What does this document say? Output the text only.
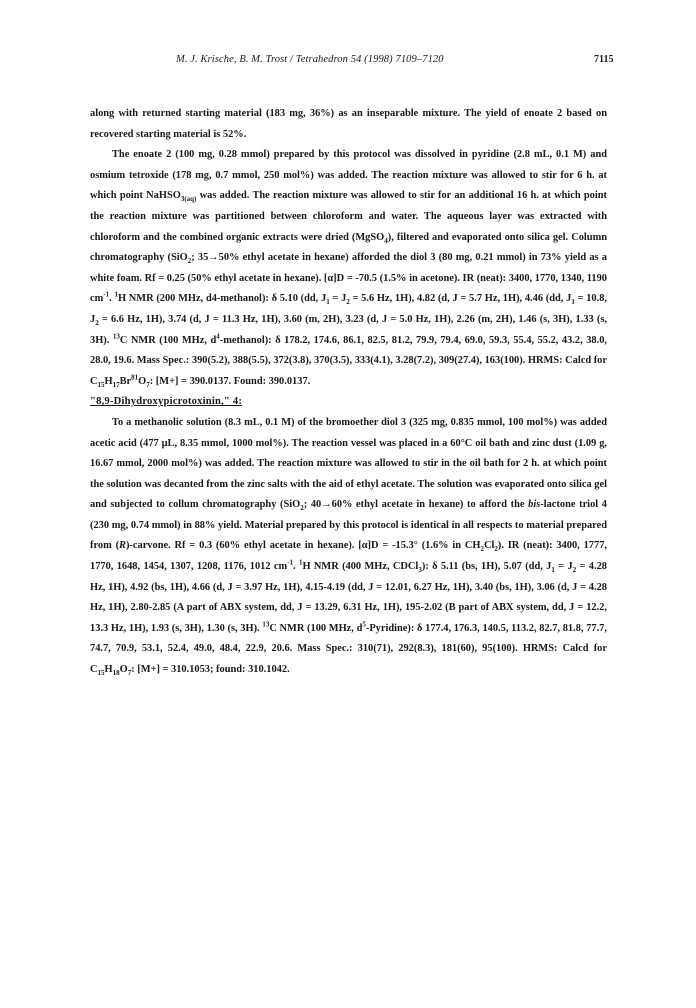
M. J. Krische, B. M. Trost / Tetrahedron 54 (1998) 7109–7120	7115

along with returned starting material (183 mg, 36%) as an inseparable mixture. The yield of enoate 2 based on recovered starting material is 52%.

The enoate 2 (100 mg, 0.28 mmol) prepared by this protocol was dissolved in pyridine (2.8 mL, 0.1 M) and osmium tetroxide (178 mg, 0.7 mmol, 250 mol%) was added. The reaction mixture was allowed to stir for 6 h. at which point NaHSO$_{3(aq)}$ was added. The reaction mixture was allowed to stir for an additional 16 h. at which point the reaction mixture was partitioned between chloroform and water. The aqueous layer was extracted with chloroform and the combined organic extracts were dried (MgSO$_4$), filtered and evaporated onto silica gel. Column chromatography (SiO$_2$; 35→50% ethyl acetate in hexane) afforded the diol 3 (80 mg, 0.21 mmol) in 73% yield as a white foam. Rf = 0.25 (50% ethyl acetate in hexane). [α]D = -70.5 (1.5% in acetone). IR (neat): 3400, 1770, 1340, 1190 $cm^{-1}$. $^1$H NMR (200 MHz, d4-methanol): δ 5.10 (dd, $J_1 = J_2 = 5.6$ Hz, 1H), 4.82 (d, J = 5.7 Hz, 1H), 4.46 (dd, $J_1 = 10.8$, $J_2 = 6.6$ Hz, 1H), 3.74 (d, J = 11.3 Hz, 1H), 3.60 (m, 2H), 3.23 (d, J = 5.0 Hz, 1H), 2.26 (m, 2H), 1.46 (s, 3H), 1.33 (s, 3H). $^{13}$C NMR (100 MHz, $d^4-methanol$): δ 178.2, 174.6, 86.1, 82.5, 81.2, 79.9, 79.4, 69.0, 59.3, 55.4, 55.2, 43.2, 38.0, 28.0, 19.6. Mass Spec.: 390(5.2), 388(5.5), 372(3.8), 370(3.5), 333(4.1), 3.28(7.2), 309(27.4), 163(100). HRMS: Calcd for $C_{15}H_{17}Br^{81}O_7$: [M+] = 390.0137. Found: 390.0137.

"8,9-Dihydroxypicrotoxinin," 4:

To a methanolic solution (8.3 mL, 0.1 M) of the bromoether diol 3 (325 mg, 0.835 mmol, 100 mol%) was added acetic acid (477 μL, 8.35 mmol, 1000 mol%). The reaction vessel was placed in a 60°C oil bath and zinc dust (1.09 g, 16.67 mmol, 2000 mol%) was added. The reaction mixture was allowed to stir in the oil bath for 2 h. at which point the solution was decanted from the zinc salts with the aid of ethyl acetate. The solution was evaporated onto silica gel and subjected to collum chromatography (SiO$_2$; 40→60% ethyl acetate in hexane) to afford the bis-lactone triol 4 (230 mg, 0.74 mmol) in 88% yield. Material prepared by this protocol is identical in all respects to material prepared from (R)-carvone. Rf = 0.3 (60% ethyl acetate in hexane). [α]D = -15.3° (1.6% in $CH_2Cl_2$). IR (neat): 3400, 1777, 1770, 1648, 1454, 1307, 1208, 1176, 1012 $cm^{-1}$. $^1$H NMR (400 MHz, CDCl$_3$): δ 5.11 (bs, 1H), 5.07 (dd, $J_1 = J_2 = 4.28$ Hz, 1H), 4.92 (bs, 1H), 4.66 (d, J = 3.97 Hz, 1H), 4.15-4.19 (dd, J = 12.01, 6.27 Hz, 1H), 3.40 (bs, 1H), 3.06 (d, J = 4.28 Hz, 1H), 2.80-2.85 (A part of ABX system, dd, J = 13.29, 6.31 Hz, 1H), 195-2.02 (B part of ABX system, dd, J = 12.2, 13.3 Hz, 1H), 1.93 (s, 3H), 1.30 (s, 3H). $^{13}$C NMR (100 MHz, $d^5-Pyridine$): δ 177.4, 176.3, 140.5, 113.2, 82.7, 81.8, 77.7, 74.7, 70.9, 53.1, 52.4, 49.0, 48.4, 22.9, 20.6. Mass Spec.: 310(71), 292(8.3), 181(60), 95(100). HRMS: Calcd for $C_{15}H_{18}O_7$: [M+] = 310.1053; found: 310.1042.
